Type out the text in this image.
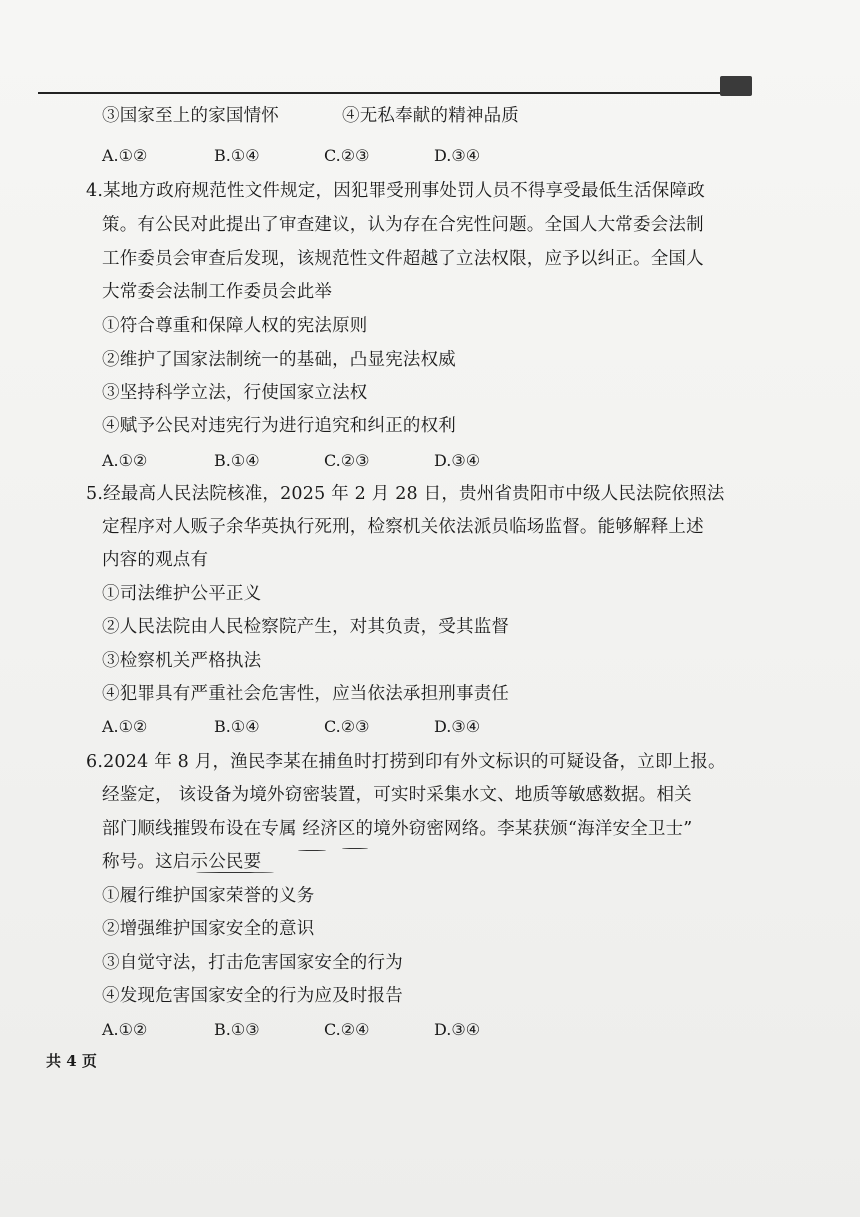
③国家至上的家国情怀	④无私奉献的精神品质
A.①②	B.①④	C.②③	D.③④
4.某地方政府规范性文件规定，因犯罪受刑事处罚人员不得享受最低生活保障政
策。有公民对此提出了审查建议，认为存在合宪性问题。全国人大常委会法制
工作委员会审查后发现，该规范性文件超越了立法权限，应予以纠正。全国人
大常委会法制工作委员会此举
①符合尊重和保障人权的宪法原则
②维护了国家法制统一的基础，凸显宪法权威
③坚持科学立法，行使国家立法权
④赋予公民对违宪行为进行追究和纠正的权利
A.①②	B.①④	C.②③	D.③④
5.经最高人民法院核准，2025 年 2 月 28 日，贵州省贵阳市中级人民法院依照法
定程序对人贩子余华英执行死刑，检察机关依法派员临场监督。能够解释上述
内容的观点有
①司法维护公平正义
②人民法院由人民检察院产生，对其负责，受其监督
③检察机关严格执法
④犯罪具有严重社会危害性，应当依法承担刑事责任
A.①②	B.①④	C.②③	D.③④
6.2024 年 8 月，渔民李某在捕鱼时打捞到印有外文标识的可疑设备，立即上报。
经鉴定， 该设备为境外窃密装置，可实时采集水文、地质等敏感数据。相关
部门顺线摧毁布设在专属 经济区的境外窃密网络。李某获颁“海洋安全卫士”
称号。这启示公民要
①履行维护国家荣誉的义务
②增强维护国家安全的意识
③自觉守法，打击危害国家安全的行为
④发现危害国家安全的行为应及时报告
A.①②	B.①③	C.②④	D.③④
共 4 页
